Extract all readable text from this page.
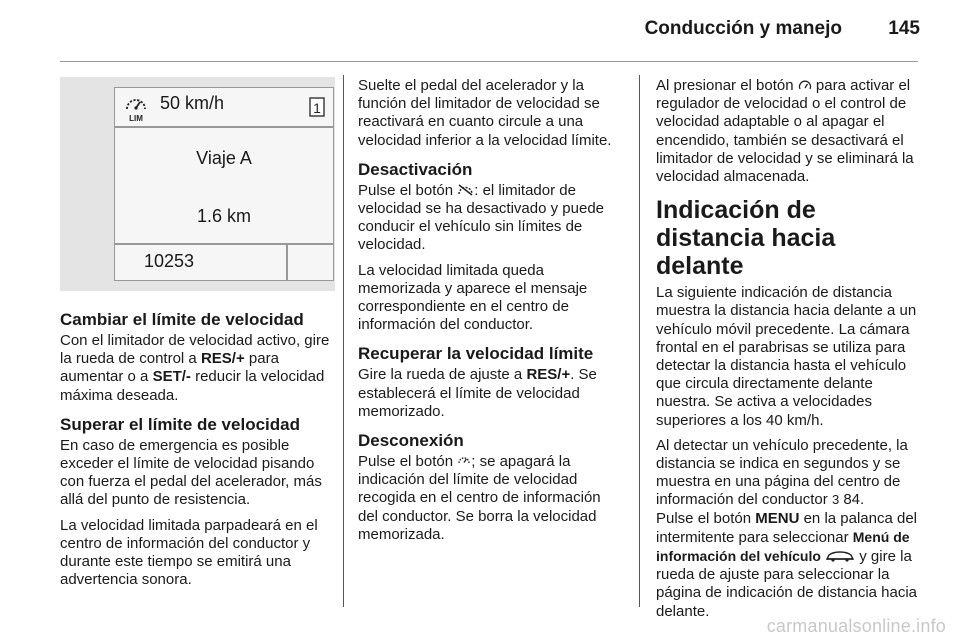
Conducción y manejo 145
LIM
50 km/h	1
Viaje A
1.6 km
10253
Cambiar el límite de velocidad

Con el limitador de velocidad activo, gire la rueda de control a RES/+ para aumentar o a SET/- reducir la velocidad máxima deseada.

Superar el límite de velocidad

En caso de emergencia es posible exceder el límite de velocidad pisando con fuerza el pedal del acelerador, más allá del punto de resistencia.

La velocidad limitada parpadeará en el centro de información del conductor y durante este tiempo se emitirá una advertencia sonora.

Suelte el pedal del acelerador y la función del limitador de velocidad se reactivará en cuanto circule a una velocidad inferior a la velocidad límite.

Desactivación

Pulse el botón : el limitador de velocidad se ha desactivado y puede conducir el vehículo sin límites de velocidad.

La velocidad limitada queda memorizada y aparece el mensaje correspondiente en el centro de información del conductor.

Recuperar la velocidad límite

Gire la rueda de ajuste a RES/+. Se establecerá el límite de velocidad memorizado.

Desconexión

Pulse el botón ; se apagará la indicación del límite de velocidad recogida en el centro de información del conductor. Se borra la velocidad memorizada.

Al presionar el botón  para activar el regulador de velocidad o el control de velocidad adaptable o al apagar el encendido, también se desactivará el limitador de velocidad y se eliminará la velocidad almacenada.

Indicación de distancia hacia delante

La siguiente indicación de distancia muestra la distancia hacia delante a un vehículo móvil precedente. La cámara frontal en el parabrisas se utiliza para detectar la distancia hasta el vehículo que circula directamente delante nuestra. Se activa a velocidades superiores a los 40 km/h.

Al detectar un vehículo precedente, la distancia se indica en segundos y se muestra en una página del centro de información del conductor 3 84.

Pulse el botón MENU en la palanca del intermitente para seleccionar Menú de información del vehículo  y gire la rueda de ajuste para seleccionar la página de indicación de distancia hacia delante.

carmanualsonline.info
